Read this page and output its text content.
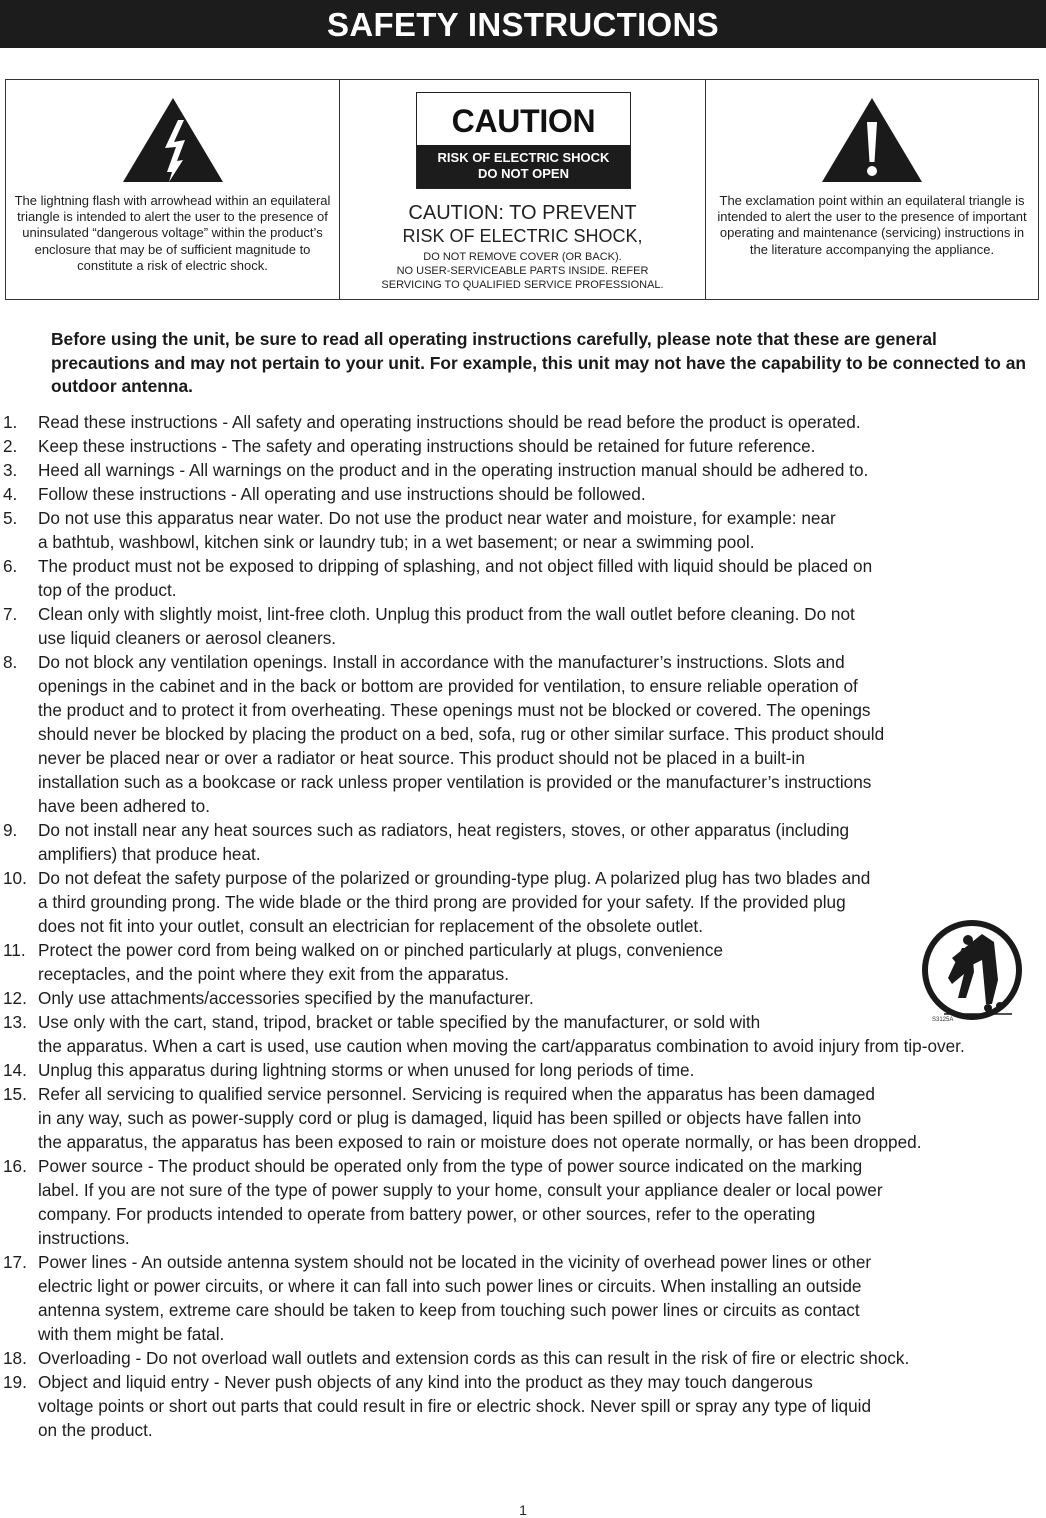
SAFETY INSTRUCTIONS
The lightning flash with arrowhead within an equilateral triangle is intended to alert the user to the presence of uninsulated “dangerous voltage” within the product’s enclosure that may be of sufficient magnitude to constitute a risk of electric shock.
CAUTION
RISK OF ELECTRIC SHOCK
DO NOT OPEN
CAUTION: TO PREVENT
RISK OF ELECTRIC SHOCK,
DO NOT REMOVE COVER (OR BACK).
NO USER-SERVICEABLE PARTS INSIDE. REFER
SERVICING TO QUALIFIED SERVICE PROFESSIONAL.
The exclamation point within an equilateral triangle is intended to alert the user to the presence of important operating and maintenance (servicing) instructions in the literature accompanying the appliance.
Before using the unit, be sure to read all operating instructions carefully, please note that these are general precautions and may not pertain to your unit. For example, this unit may not have the capability to be connected to an outdoor antenna.
1.	Read these instructions - All safety and operating instructions should be read before the product is operated.
2.	Keep these instructions - The safety and operating instructions should be retained for future reference.
3.	Heed all warnings - All warnings on the product and in the operating instruction manual should be adhered to.
4.	Follow these instructions - All operating and use instructions should be followed.
5.	Do not use this apparatus near water. Do not use the product near water and moisture, for example: near
a bathtub, washbowl, kitchen sink or laundry tub; in a wet basement; or near a swimming pool.
6.	The product must not be exposed to dripping of splashing, and not object filled with liquid should be placed on
top of the product.
7.	Clean only with slightly moist, lint-free cloth. Unplug this product from the wall outlet before cleaning. Do not
use liquid cleaners or aerosol cleaners.
8.	Do not block any ventilation openings. Install in accordance with the manufacturer’s instructions. Slots and
openings in the cabinet and in the back or bottom are provided for ventilation, to ensure reliable operation of
the product and to protect it from overheating. These openings must not be blocked or covered. The openings
should never be blocked by placing the product on a bed, sofa, rug or other similar surface. This product should
never be placed near or over a radiator or heat source. This product should not be placed in a built-in
installation such as a bookcase or rack unless proper ventilation is provided or the manufacturer’s instructions
have been adhered to.
9.	Do not install near any heat sources such as radiators, heat registers, stoves, or other apparatus (including
amplifiers) that produce heat.
10. Do not defeat the safety purpose of the polarized or grounding-type plug. A polarized plug has two blades and
a third grounding prong. The wide blade or the third prong are provided for your safety. If the provided plug
does not fit into your outlet, consult an electrician for replacement of the obsolete outlet.
11. Protect the power cord from being walked on or pinched particularly at plugs, convenience
receptacles, and the point where they exit from the apparatus.
12. Only use attachments/accessories specified by the manufacturer.
13. Use only with the cart, stand, tripod, bracket or table specified by the manufacturer, or sold with
the apparatus. When a cart is used, use caution when moving the cart/apparatus combination to avoid injury from tip-over.
14. Unplug this apparatus during lightning storms or when unused for long periods of time.
15. Refer all servicing to qualified service personnel. Servicing is required when the apparatus has been damaged
in any way, such as power-supply cord or plug is damaged, liquid has been spilled or objects have fallen into
the apparatus, the apparatus has been exposed to rain or moisture does not operate normally, or has been dropped.
16. Power source - The product should be operated only from the type of power source indicated on the marking
label. If you are not sure of the type of power supply to your home, consult your appliance dealer or local power
company. For products intended to operate from battery power, or other sources, refer to the operating
instructions.
17. Power lines - An outside antenna system should not be located in the vicinity of overhead power lines or other
electric light or power circuits, or where it can fall into such power lines or circuits. When installing an outside
antenna system, extreme care should be taken to keep from touching such power lines or circuits as contact
with them might be fatal.
18. Overloading - Do not overload wall outlets and extension cords as this can result in the risk of fire or electric shock.
19. Object and liquid entry - Never push objects of any kind into the product as they may touch dangerous
voltage points or short out parts that could result in fire or electric shock. Never spill or spray any type of liquid
on the product.
S3125A
1
